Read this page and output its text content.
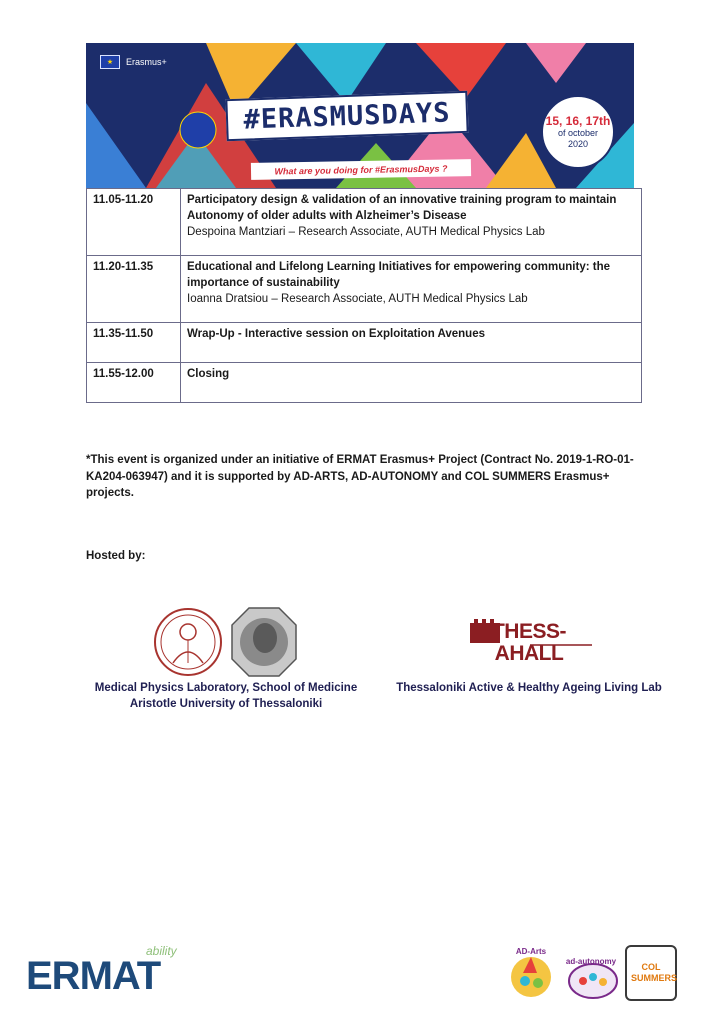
★ Erasmus+
#ERASMUSDAYS	15, 16, 17th
of october
2020
What are you doing for #ErasmusDays ?
11.05-11.20	Participatory design & validation of an innovative training program to maintain Autonomy of older adults with Alzheimer’s Disease
Despoina Mantziari – Research Associate, AUTH Medical Physics Lab

11.20-11.35	Educational and Lifelong Learning Initiatives for empowering community: the importance of sustainability
Ioanna Dratsiou – Research Associate, AUTH Medical Physics Lab

11.35-11.50	Wrap-Up - Interactive session on Exploitation Avenues

11.55-12.00	Closing
*This event is organized under an initiative of ERMAT Erasmus+ Project (Contract No. 2019-1-RO-01-KA204-063947) and it is supported by AD-ARTS, AD-AUTONOMY and COL SUMMERS Erasmus+ projects.
Hosted by:
Medical Physics Laboratory, School of Medicine
Aristotle University of Thessaloniki
THESS-AHALL
Thessaloniki Active & Healthy Ageing Living Lab
ability
ERMAT
AD-Arts
ad-autonomy
COL SUMMERS
